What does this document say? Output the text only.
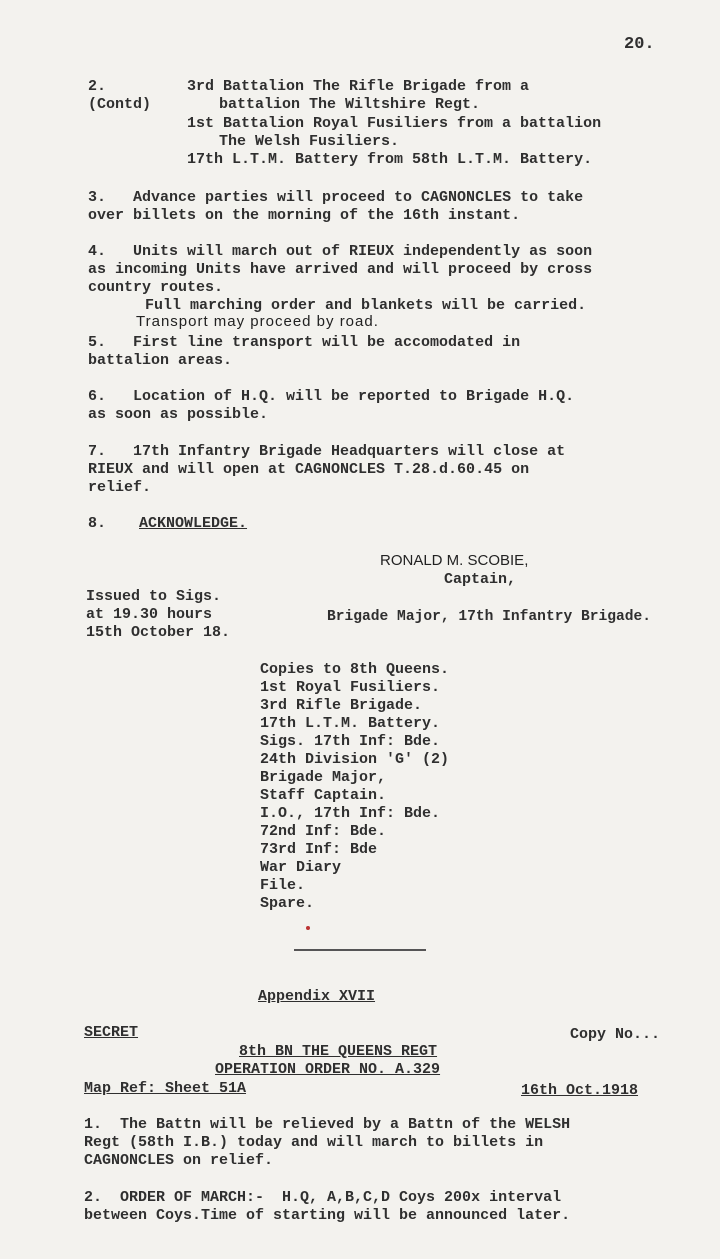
20.
2.
(Contd)
3rd Battalion The Rifle Brigade from a
battalion The Wiltshire Regt.
1st Battalion Royal Fusiliers from a battalion
The Welsh Fusiliers.
17th L.T.M. Battery from 58th L.T.M. Battery.
3.   Advance parties will proceed to CAGNONCLES to take
over billets on the morning of the 16th instant.
4.   Units will march out of RIEUX independently as soon
as incoming Units have arrived and will proceed by cross
country routes.
Full marching order and blankets will be carried.
Transport may proceed by road.
5.   First line transport will be accomodated in
battalion areas.
6.   Location of H.Q. will be reported to Brigade H.Q.
as soon as possible.
7.   17th Infantry Brigade Headquarters will close at
RIEUX and will open at CAGNONCLES T.28.d.60.45 on
relief.
8. ACKNOWLEDGE.
RONALD M. SCOBIE,
Captain,
Issued to Sigs.
at 19.30 hours
15th October 18.
Brigade Major, 17th Infantry Brigade.
Copies to 8th Queens.
1st Royal Fusiliers.
3rd Rifle Brigade.
17th L.T.M. Battery.
Sigs. 17th Inf: Bde.
24th Division 'G' (2)
Brigade Major,
Staff Captain.
I.O., 17th Inf: Bde.
72nd Inf: Bde.
73rd Inf: Bde
War Diary
File.
Spare.
Appendix XVII
SECRET	Copy No...
8th BN THE QUEENS REGT
OPERATION ORDER NO. A.329
Map Ref: Sheet 51A	16th Oct.1918
1.  The Battn will be relieved by a Battn of the WELSH
Regt (58th I.B.) today and will march to billets in
CAGNONCLES on relief.
2.  ORDER OF MARCH:-  H.Q, A,B,C,D Coys 200x interval
between Coys.Time of starting will be announced later.
